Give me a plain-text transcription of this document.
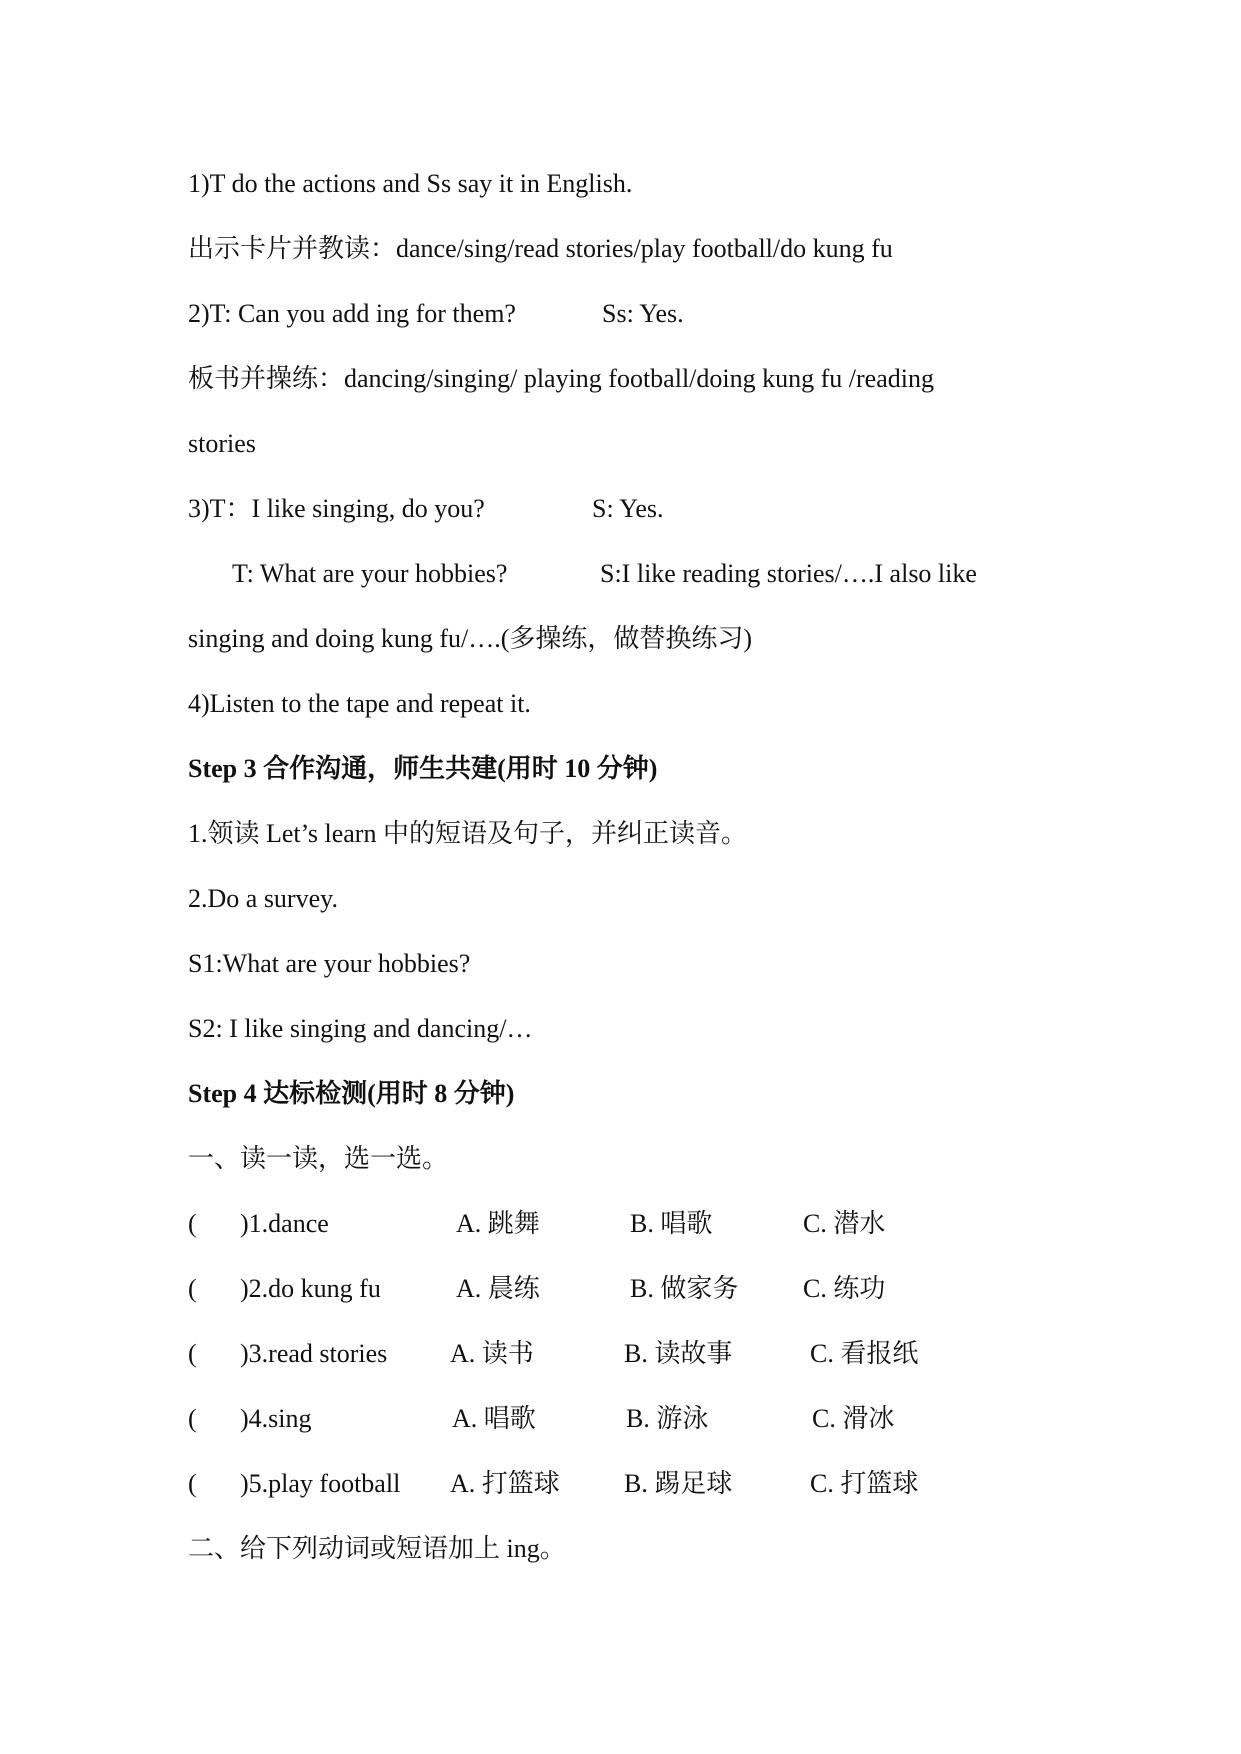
1)T do the actions and Ss say it in English.
出示卡片并教读：dance/sing/read stories/play football/do kung fu
2)T: Can you add ing for them?	Ss: Yes.
板书并操练：dancing/singing/ playing football/doing kung fu /reading
stories
3)T：I like singing, do you?	S: Yes.
T: What are your hobbies?	S:I like reading stories/….I also like
singing and doing kung fu/….(多操练，做替换练习)
4)Listen to the tape and repeat it.
Step 3 合作沟通，师生共建(用时 10 分钟)
1.领读 Let’s learn 中的短语及句子，并纠正读音。
2.Do a survey.
S1:What are your hobbies?
S2: I like singing and dancing/…
Step 4 达标检测(用时 8 分钟)
一、读一读，选一选。
( )1.dance	A. 跳舞	B. 唱歌	C. 潜水
( )2.do kung fu	A. 晨练	B. 做家务 C. 练功
( )3.read stories A. 读书	B. 读故事	C. 看报纸
( )4.sing	A. 唱歌	B. 游泳	C. 滑冰
( )5.play football A. 打篮球 B. 踢足球	C. 打篮球
二、给下列动词或短语加上 ing。
